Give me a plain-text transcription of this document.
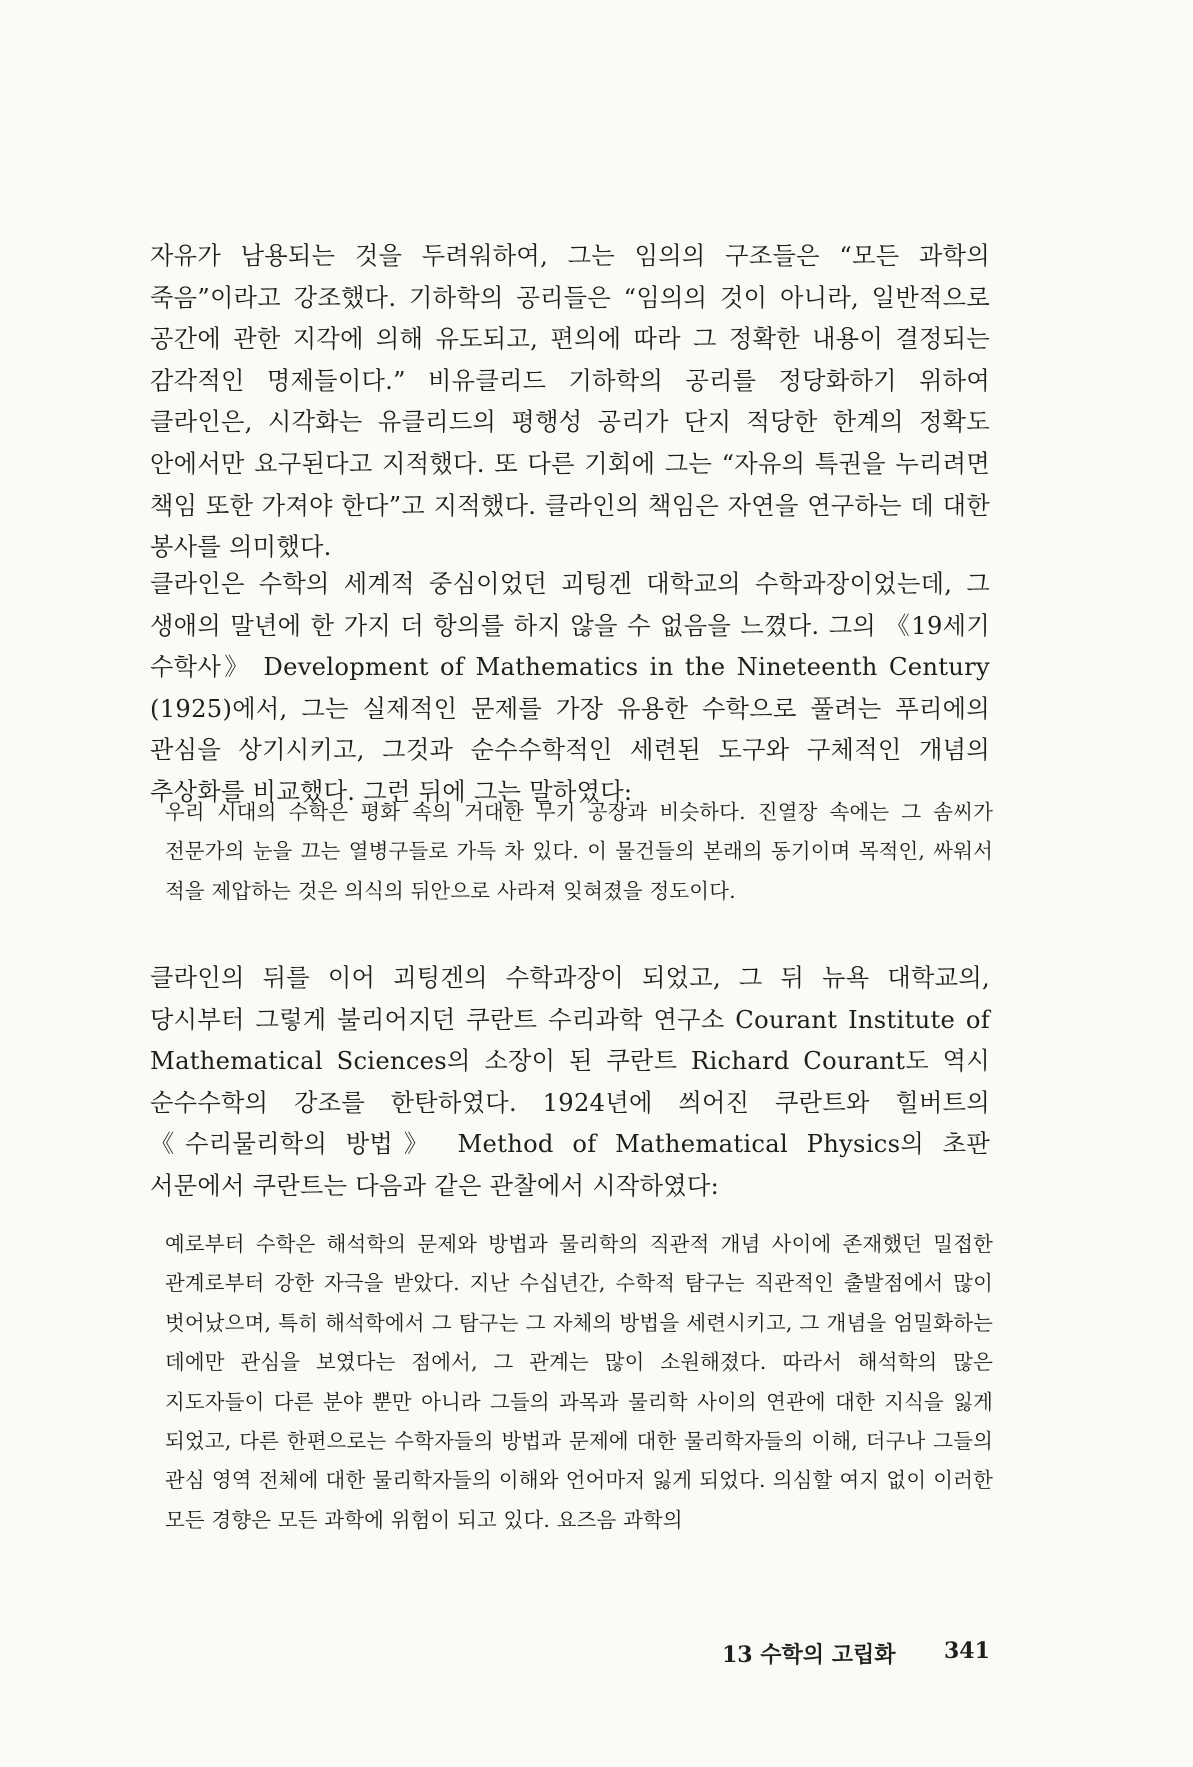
자유가 남용되는 것을 두려워하여, 그는 임의의 구조들은 “모든 과학의 죽음”이라고 강조했다. 기하학의 공리들은 “임의의 것이 아니라, 일반적으로 공간에 관한 지각에 의해 유도되고, 편의에 따라 그 정확한 내용이 결정되는 감각적인 명제들이다.” 비유클리드 기하학의 공리를 정당화하기 위하여 클라인은, 시각화는 유클리드의 평행성 공리가 단지 적당한 한계의 정확도 안에서만 요구된다고 지적했다. 또 다른 기회에 그는 “자유의 특권을 누리려면 책임 또한 가져야 한다”고 지적했다. 클라인의 책임은 자연을 연구하는 데 대한 봉사를 의미했다.

클라인은 수학의 세계적 중심이었던 괴팅겐 대학교의 수학과장이었는데, 그 생애의 말년에 한 가지 더 항의를 하지 않을 수 없음을 느꼈다. 그의 《19세기 수학사》 Development of Mathematics in the Nineteenth Century (1925)에서, 그는 실제적인 문제를 가장 유용한 수학으로 풀려는 푸리에의 관심을 상기시키고, 그것과 순수수학적인 세련된 도구와 구체적인 개념의 추상화를 비교했다. 그런 뒤에 그는 말하였다:

우리 시대의 수학은 평화 속의 거대한 무기 공장과 비슷하다. 진열장 속에는 그 솜씨가 전문가의 눈을 끄는 열병구들로 가득 차 있다. 이 물건들의 본래의 동기이며 목적인, 싸워서 적을 제압하는 것은 의식의 뒤안으로 사라져 잊혀졌을 정도이다.

클라인의 뒤를 이어 괴팅겐의 수학과장이 되었고, 그 뒤 뉴욕 대학교의, 당시부터 그렇게 불리어지던 쿠란트 수리과학 연구소 Courant Institute of Mathematical Sciences의 소장이 된 쿠란트 Richard Courant도 역시 순수수학의 강조를 한탄하였다. 1924년에 씌어진 쿠란트와 힐버트의 《수리물리학의 방법》 Method of Mathematical Physics의 초판 서문에서 쿠란트는 다음과 같은 관찰에서 시작하였다:

예로부터 수학은 해석학의 문제와 방법과 물리학의 직관적 개념 사이에 존재했던 밀접한 관계로부터 강한 자극을 받았다. 지난 수십년간, 수학적 탐구는 직관적인 출발점에서 많이 벗어났으며, 특히 해석학에서 그 탐구는 그 자체의 방법을 세련시키고, 그 개념을 엄밀화하는 데에만 관심을 보였다는 점에서, 그 관계는 많이 소원해졌다. 따라서 해석학의 많은 지도자들이 다른 분야 뿐만 아니라 그들의 과목과 물리학 사이의 연관에 대한 지식을 잃게 되었고, 다른 한편으로는 수학자들의 방법과 문제에 대한 물리학자들의 이해, 더구나 그들의 관심 영역 전체에 대한 물리학자들의 이해와 언어마저 잃게 되었다. 의심할 여지 없이 이러한 모든 경향은 모든 과학에 위험이 되고 있다. 요즈음 과학의

13 수학의 고립화 341
